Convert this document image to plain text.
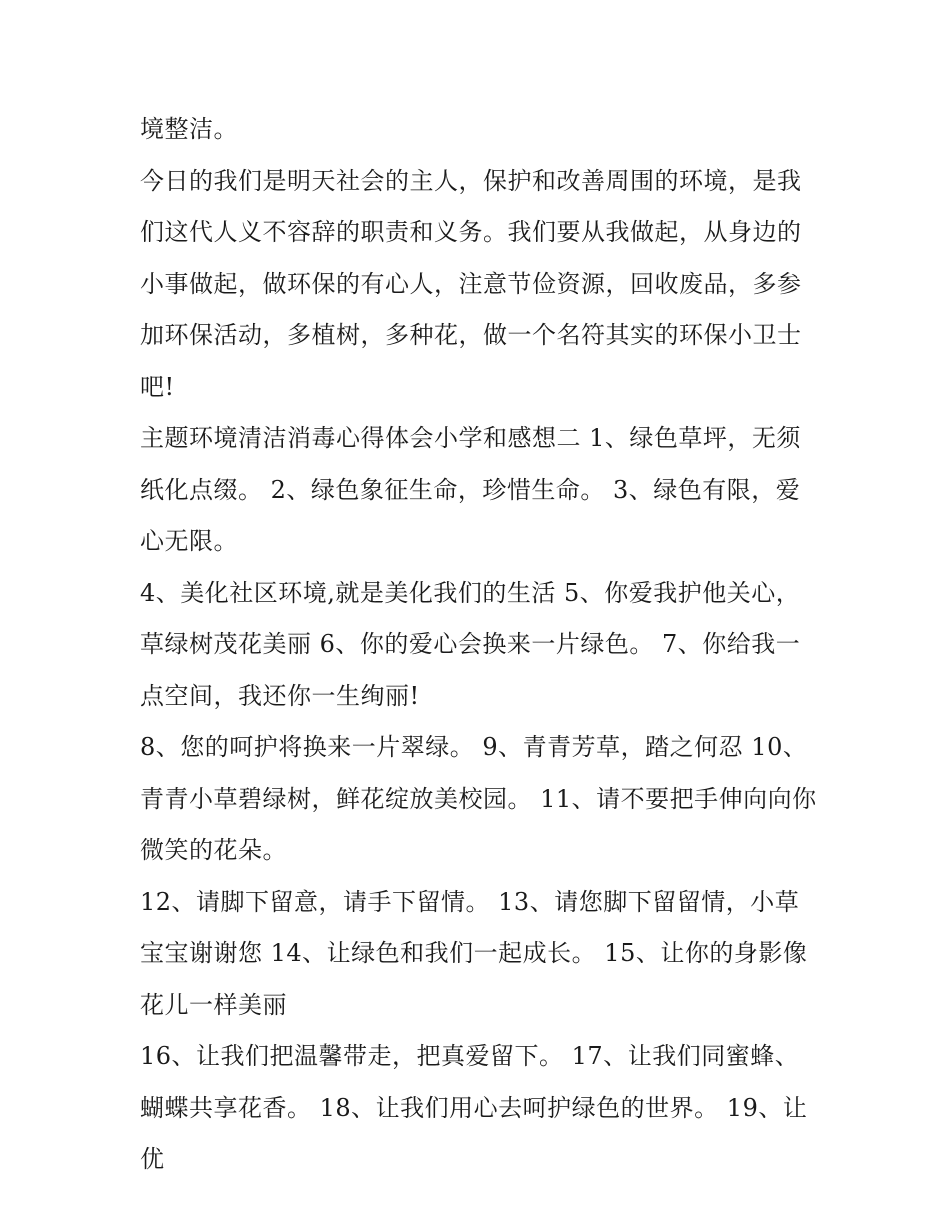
境整洁。

今日的我们是明天社会的主人，保护和改善周围的环境，是我们这代人义不容辞的职责和义务。我们要从我做起，从身边的小事做起，做环保的有心人，注意节俭资源，回收废品，多参加环保活动，多植树，多种花，做一个名符其实的环保小卫士吧!

主题环境清洁消毒心得体会小学和感想二 1、绿色草坪，无须纸化点缀。 2、绿色象征生命，珍惜生命。 3、绿色有限，爱心无限。

4、美化社区环境,就是美化我们的生活 5、你爱我护他关心，草绿树茂花美丽 6、你的爱心会换来一片绿色。 7、你给我一点空间，我还你一生绚丽!

8、您的呵护将换来一片翠绿。 9、青青芳草，踏之何忍 10、青青小草碧绿树，鲜花绽放美校园。 11、请不要把手伸向向你微笑的花朵。

12、请脚下留意，请手下留情。 13、请您脚下留留情，小草宝宝谢谢您 14、让绿色和我们一起成长。 15、让你的身影像花儿一样美丽

16、让我们把温馨带走，把真爱留下。 17、让我们同蜜蜂、蝴蝶共享花香。 18、让我们用心去呵护绿色的世界。 19、让优
